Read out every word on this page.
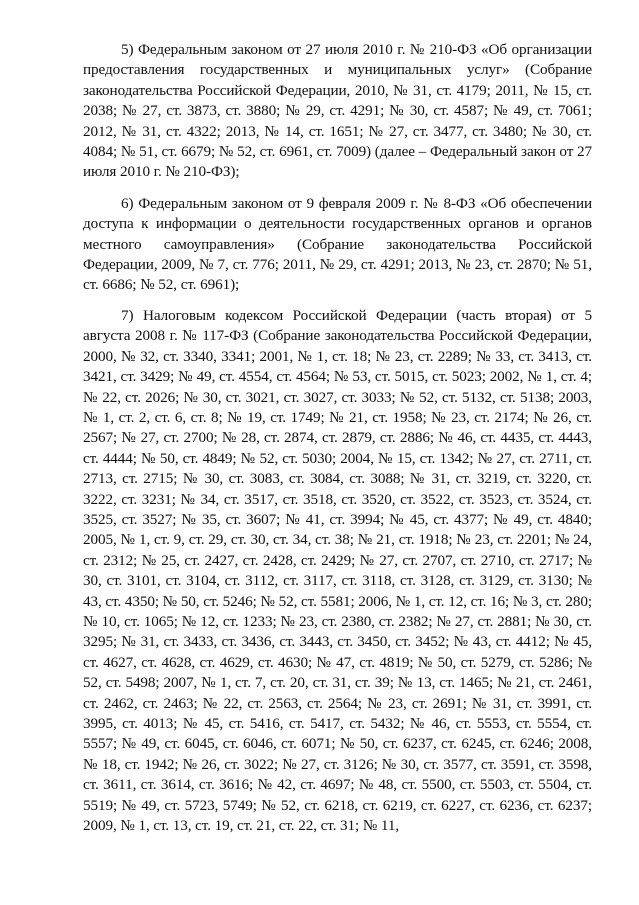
5) Федеральным законом от 27 июля 2010 г. № 210-ФЗ «Об организации предоставления государственных и муниципальных услуг» (Собрание законодательства Российской Федерации, 2010, № 31, ст. 4179; 2011, № 15, ст. 2038; № 27, ст. 3873, ст. 3880; № 29, ст. 4291; № 30, ст. 4587; № 49, ст. 7061; 2012, № 31, ст. 4322; 2013, № 14, ст. 1651; № 27, ст. 3477, ст. 3480; № 30, ст. 4084; № 51, ст. 6679; № 52, ст. 6961, ст. 7009) (далее – Федеральный закон от 27 июля 2010 г. № 210-ФЗ);

6) Федеральным законом от 9 февраля 2009 г. № 8-ФЗ «Об обеспечении доступа к информации о деятельности государственных органов и органов местного самоуправления» (Собрание законодательства Российской Федерации, 2009, № 7, ст. 776; 2011, № 29, ст. 4291; 2013, № 23, ст. 2870; № 51, ст. 6686; № 52, ст. 6961);

7) Налоговым кодексом Российской Федерации (часть вторая) от 5 августа 2008 г. № 117-ФЗ (Собрание законодательства Российской Федерации, 2000, № 32, ст. 3340, 3341; 2001, № 1, ст. 18; № 23, ст. 2289; № 33, ст. 3413, ст. 3421, ст. 3429; № 49, ст. 4554, ст. 4564; № 53, ст. 5015, ст. 5023; 2002, № 1, ст. 4; № 22, ст. 2026; № 30, ст. 3021, ст. 3027, ст. 3033; № 52, ст. 5132, ст. 5138; 2003, № 1, ст. 2, ст. 6, ст. 8; № 19, ст. 1749; № 21, ст. 1958; № 23, ст. 2174; № 26, ст. 2567; № 27, ст. 2700; № 28, ст. 2874, ст. 2879, ст. 2886; № 46, ст. 4435, ст. 4443, ст. 4444; № 50, ст. 4849; № 52, ст. 5030; 2004, № 15, ст. 1342; № 27, ст. 2711, ст. 2713, ст. 2715; № 30, ст. 3083, ст. 3084, ст. 3088; № 31, ст. 3219, ст. 3220, ст. 3222, ст. 3231; № 34, ст. 3517, ст. 3518, ст. 3520, ст. 3522, ст. 3523, ст. 3524, ст. 3525, ст. 3527; № 35, ст. 3607; № 41, ст. 3994; № 45, ст. 4377; № 49, ст. 4840; 2005, № 1, ст. 9, ст. 29, ст. 30, ст. 34, ст. 38; № 21, ст. 1918; № 23, ст. 2201; № 24, ст. 2312; № 25, ст. 2427, ст. 2428, ст. 2429; № 27, ст. 2707, ст. 2710, ст. 2717; № 30, ст. 3101, ст. 3104, ст. 3112, ст. 3117, ст. 3118, ст. 3128, ст. 3129, ст. 3130; № 43, ст. 4350; № 50, ст. 5246; № 52, ст. 5581; 2006, № 1, ст. 12, ст. 16; № 3, ст. 280; № 10, ст. 1065; № 12, ст. 1233; № 23, ст. 2380, ст. 2382; № 27, ст. 2881; № 30, ст. 3295; № 31, ст. 3433, ст. 3436, ст. 3443, ст. 3450, ст. 3452; № 43, ст. 4412; № 45, ст. 4627, ст. 4628, ст. 4629, ст. 4630; № 47, ст. 4819; № 50, ст. 5279, ст. 5286; № 52, ст. 5498; 2007, № 1, ст. 7, ст. 20, ст. 31, ст. 39; № 13, ст. 1465; № 21, ст. 2461, ст. 2462, ст. 2463; № 22, ст. 2563, ст. 2564; № 23, ст. 2691; № 31, ст. 3991, ст. 3995, ст. 4013; № 45, ст. 5416, ст. 5417, ст. 5432; № 46, ст. 5553, ст. 5554, ст. 5557; № 49, ст. 6045, ст. 6046, ст. 6071; № 50, ст. 6237, ст. 6245, ст. 6246; 2008, № 18, ст. 1942; № 26, ст. 3022; № 27, ст. 3126; № 30, ст. 3577, ст. 3591, ст. 3598, ст. 3611, ст. 3614, ст. 3616; № 42, ст. 4697; № 48, ст. 5500, ст. 5503, ст. 5504, ст. 5519; № 49, ст. 5723, 5749; № 52, ст. 6218, ст. 6219, ст. 6227, ст. 6236, ст. 6237; 2009, № 1, ст. 13, ст. 19, ст. 21, ст. 22, ст. 31; № 11,
